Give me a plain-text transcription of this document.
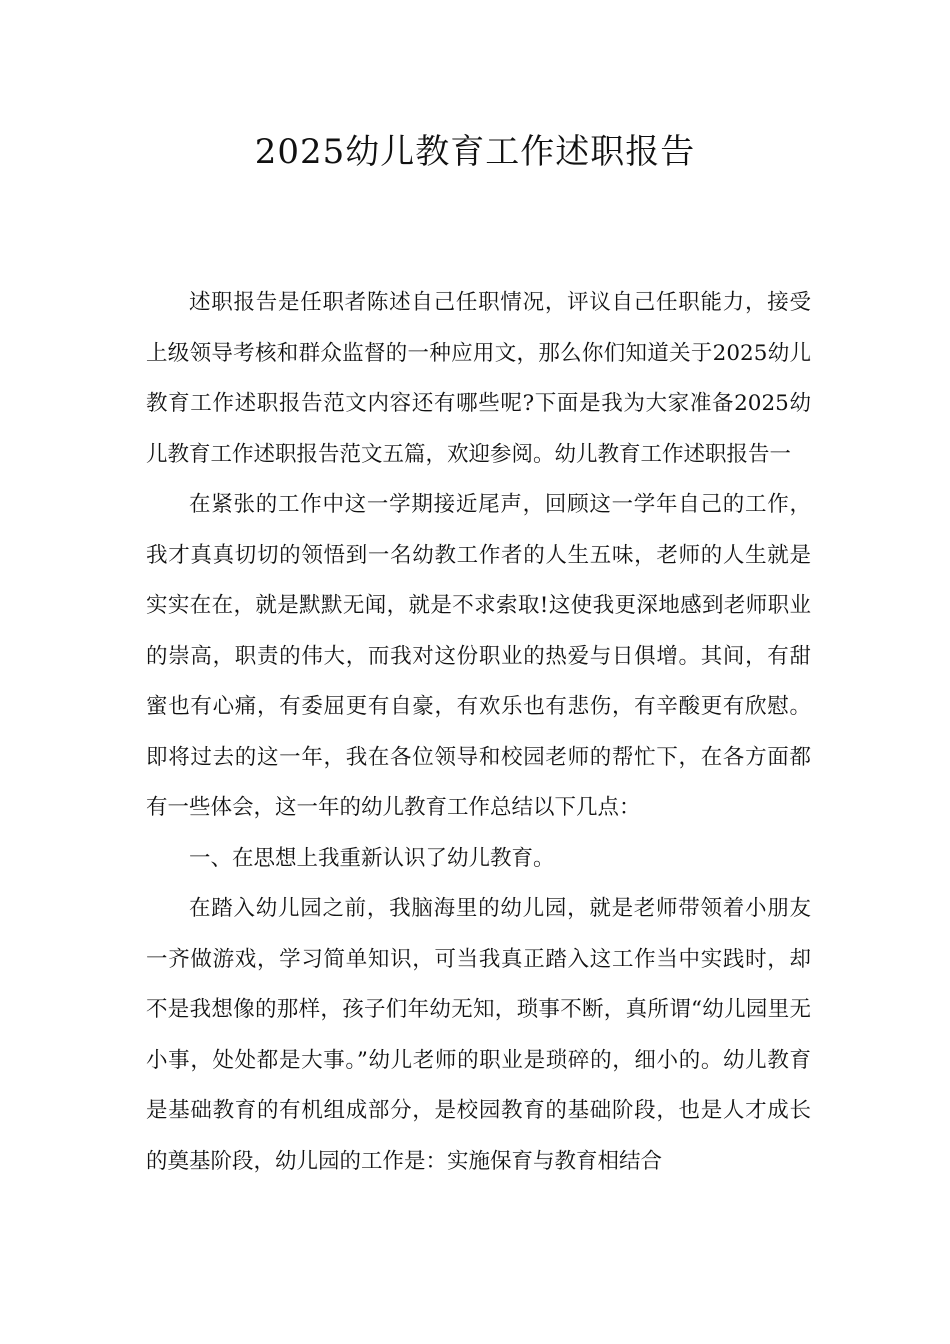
2025幼儿教育工作述职报告

述职报告是任职者陈述自己任职情况，评议自己任职能力，接受上级领导考核和群众监督的一种应用文，那么你们知道关于2025幼儿教育工作述职报告范文内容还有哪些呢?下面是我为大家准备2025幼儿教育工作述职报告范文五篇，欢迎参阅。幼儿教育工作述职报告一

在紧张的工作中这一学期接近尾声，回顾这一学年自己的工作，我才真真切切的领悟到一名幼教工作者的人生五味，老师的人生就是实实在在，就是默默无闻，就是不求索取!这使我更深地感到老师职业的崇高，职责的伟大，而我对这份职业的热爱与日俱增。其间，有甜蜜也有心痛，有委屈更有自豪，有欢乐也有悲伤，有辛酸更有欣慰。即将过去的这一年，我在各位领导和校园老师的帮忙下，在各方面都有一些体会，这一年的幼儿教育工作总结以下几点：

一、在思想上我重新认识了幼儿教育。

在踏入幼儿园之前，我脑海里的幼儿园，就是老师带领着小朋友一齐做游戏，学习简单知识，可当我真正踏入这工作当中实践时，却不是我想像的那样，孩子们年幼无知，琐事不断，真所谓“幼儿园里无小事，处处都是大事。”幼儿老师的职业是琐碎的，细小的。幼儿教育是基础教育的有机组成部分，是校园教育的基础阶段，也是人才成长的奠基阶段，幼儿园的工作是：实施保育与教育相结合
